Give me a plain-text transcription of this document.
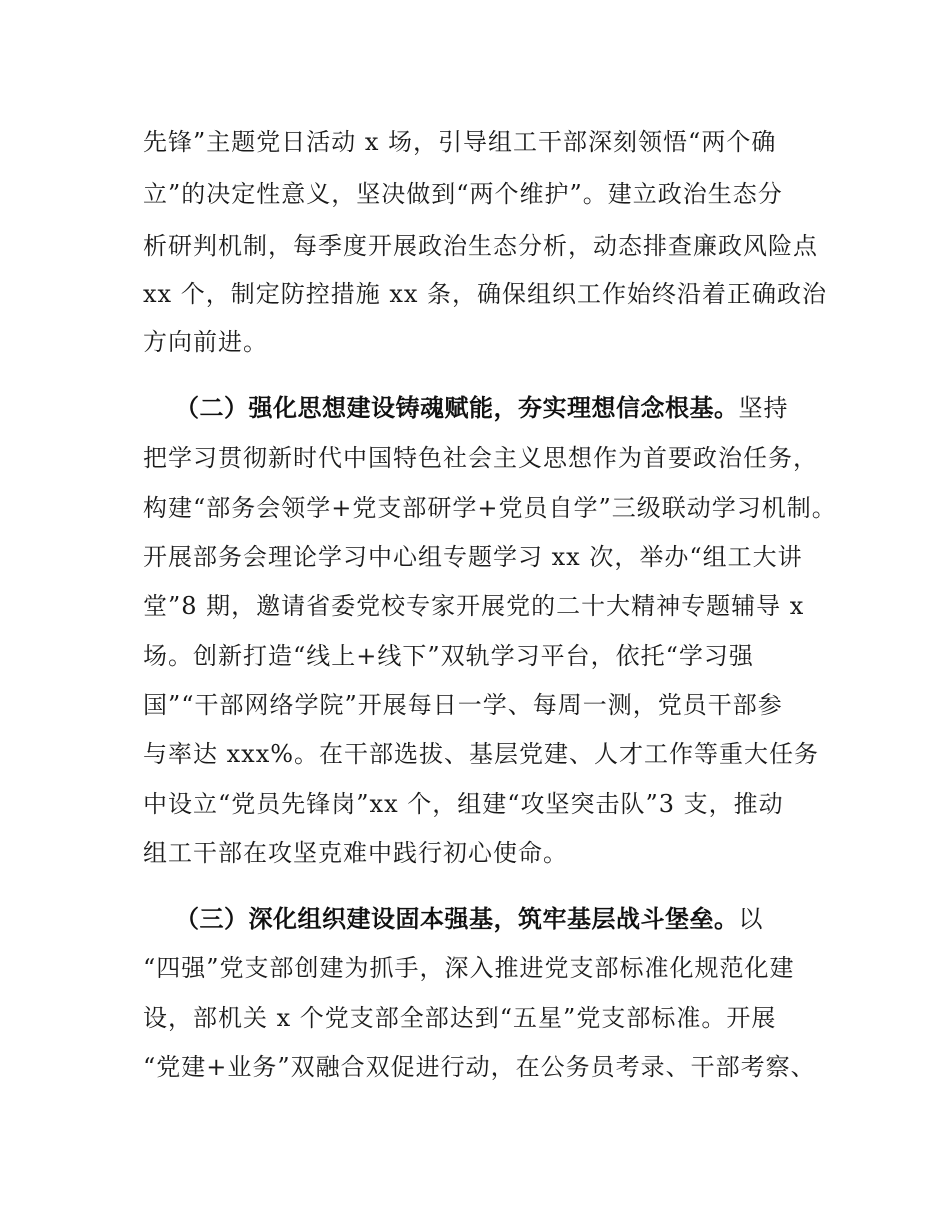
先锋”主题党日活动 x 场，引导组工干部深刻领悟“两个确
立”的决定性意义，坚决做到“两个维护”。建立政治生态分
析研判机制，每季度开展政治生态分析，动态排查廉政风险点
xx 个，制定防控措施 xx 条，确保组织工作始终沿着正确政治
方向前进。
（二）强化思想建设铸魂赋能，夯实理想信念根基。坚持
把学习贯彻新时代中国特色社会主义思想作为首要政治任务，
构建“部务会领学+党支部研学+党员自学”三级联动学习机制。
开展部务会理论学习中心组专题学习 xx 次，举办“组工大讲
堂”8 期，邀请省委党校专家开展党的二十大精神专题辅导 x
场。创新打造“线上+线下”双轨学习平台，依托“学习强
国”“干部网络学院”开展每日一学、每周一测，党员干部参
与率达 xxx%。在干部选拔、基层党建、人才工作等重大任务
中设立“党员先锋岗”xx 个，组建“攻坚突击队”3 支，推动
组工干部在攻坚克难中践行初心使命。
（三）深化组织建设固本强基，筑牢基层战斗堡垒。以
“四强”党支部创建为抓手，深入推进党支部标准化规范化建
设，部机关 x 个党支部全部达到“五星”党支部标准。开展
“党建+业务”双融合双促进行动，在公务员考录、干部考察、
